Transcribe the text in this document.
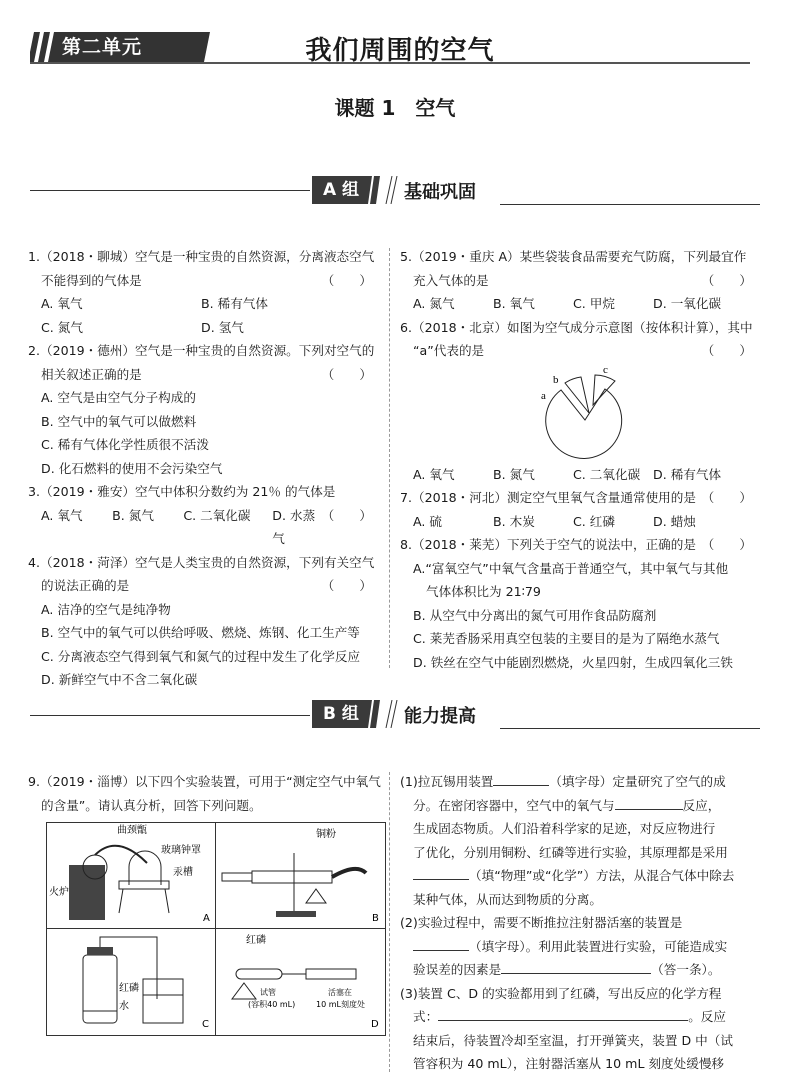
第二单元	我们周围的空气
课题 1　空气
A 组	基础巩固

1.（2018・聊城）空气是一种宝贵的自然资源，分离液态空气

不能得到的气体是	（　　）

A. 氧气	B. 稀有气体
C. 氮气	D. 氢气

2.（2019・德州）空气是一种宝贵的自然资源。下列对空气的

相关叙述正确的是	（　　）

A. 空气是由空气分子构成的

B. 空气中的氧气可以做燃料

C. 稀有气体化学性质很不活泼

D. 化石燃料的使用不会污染空气

3.（2019・雅安）空气中体积分数约为 21％ 的气体是
（　　）

A. 氧气	B. 氮气	C. 二氧化碳	D. 水蒸气

4.（2018・菏泽）空气是人类宝贵的自然资源，下列有关空气

的说法正确的是	（　　）

A. 洁净的空气是纯净物

B. 空气中的氧气可以供给呼吸、燃烧、炼钢、化工生产等

C. 分离液态空气得到氧气和氮气的过程中发生了化学反应

D. 新鲜空气中不含二氧化碳

5.（2019・重庆 A）某些袋装食品需要充气防腐，下列最宜作

充入气体的是	（　　）

A. 氮气	B. 氧气	C. 甲烷	D. 一氧化碳

6.（2018・北京）如图为空气成分示意图（按体积计算），其中

“a”代表的是	（　　）

A. 氧气	B. 氮气	C. 二氧化碳	D. 稀有气体

7.（2018・河北）测定空气里氧气含量通常使用的是 （　　）

A. 硫	B. 木炭	C. 红磷	D. 蜡烛

8.（2018・莱芜）下列关于空气的说法中，正确的是 （　　）

A.“富氧空气”中氧气含量高于普通空气，其中氧气与其他

气体体积比为 21∶79

B. 从空气中分离出的氮气可用作食品防腐剂

C. 莱芜香肠采用真空包装的主要目的是为了隔绝水蒸气

D. 铁丝在空气中能剧烈燃烧，火星四射，生成四氧化三铁

a
b
c
B 组	能力提高

9.（2019・淄博）以下四个实验装置，可用于“测定空气中氧气

的含量”。请认真分析，回答下列问题。

曲颈甑
玻璃钟罩
汞槽
火炉
A
铜粉
B
红磷
水
C
红磷
试管
(容积40 mL)
活塞在
10 mL刻度处
D

(1)拉瓦锡用装置	（填字母）定量研究了空气的成

分。在密闭容器中，空气中的氧气与	反应，

生成固态物质。人们沿着科学家的足迹，对反应物进行

了优化，分别用铜粉、红磷等进行实验，其原理都是采用

（填“物理”或“化学”）方法，从混合气体中除去

某种气体，从而达到物质的分离。

(2)实验过程中，需要不断推拉注射器活塞的装置是

（填字母）。利用此装置进行实验，可能造成实

验误差的因素是	（答一条）。

(3)装置 C、D 的实验都用到了红磷，写出反应的化学方程

式：	。反应

结束后，待装置冷却至室温，打开弹簧夹，装置 D 中（试

管容积为 40 mL），注射器活塞从 10 mL 刻度处缓慢移
